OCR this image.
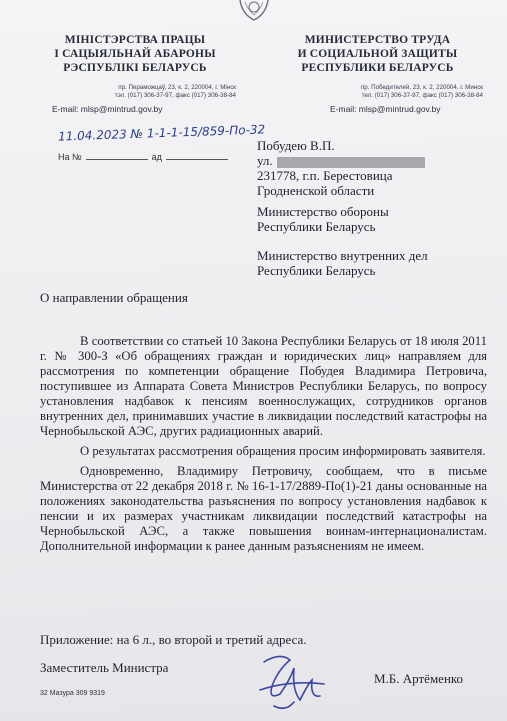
МІНІСТЭРСТВА ПРАЦЫ
І САЦЫЯЛЬНАЙ АБАРОНЫ
РЭСПУБЛІКІ БЕЛАРУСЬ
МИНИСТЕРСТВО ТРУДА
И СОЦИАЛЬНОЙ ЗАЩИТЫ
РЕСПУБЛИКИ БЕЛАРУСЬ
пр. Пераможцаў, 23, к. 2, 220004, г. Мінск
тэл. (017) 306-37-97, факс (017) 306-38-84
пр. Победителей, 23, к. 2, 220004, г. Минск
тел. (017) 306-37-97, факс (017) 306-38-84
E-mail: mlsp@mintrud.gov.by	E-mail: mlsp@mintrud.gov.by
11.04.2023 № 1-1-1-15/859-По-32
На №	ад
Побудею В.П.
ул.
231778, г.п. Берестовица
Гродненской области
Министерство обороны
Республики Беларусь
Министерство внутренних дел
Республики Беларусь
О направлении обращения

В соответствии со статьей 10 Закона Республики Беларусь от 18 июля 2011 г. № 300-З «Об обращениях граждан и юридических лиц» направляем для рассмотрения по компетенции обращение Побудея Владимира Петровича, поступившее из Аппарата Совета Министров Республики Беларусь, по вопросу установления надбавок к пенсиям военнослужащих, сотрудников органов внутренних дел, принимавших участие в ликвидации последствий катастрофы на Чернобыльской АЭС, других радиационных аварий.

О результатах рассмотрения обращения просим информировать заявителя.

Одновременно, Владимиру Петровичу, сообщаем, что в письме Министерства от 22 декабря 2018 г. № 16-1-17/2889-По(1)-21 даны основанные на положениях законодательства разъяснения по вопросу установления надбавок к пенсии и их размерах участникам ликвидации последствий катастрофы на Чернобыльской АЭС, а также повышения воинам-интернационалистам. Дополнительной информации к ранее данным разъяснениям не имеем.

Приложение: на 6 л., во второй и третий адреса.
Заместитель Министра
М.Б. Артёменко
32 Мазура 309 9319
